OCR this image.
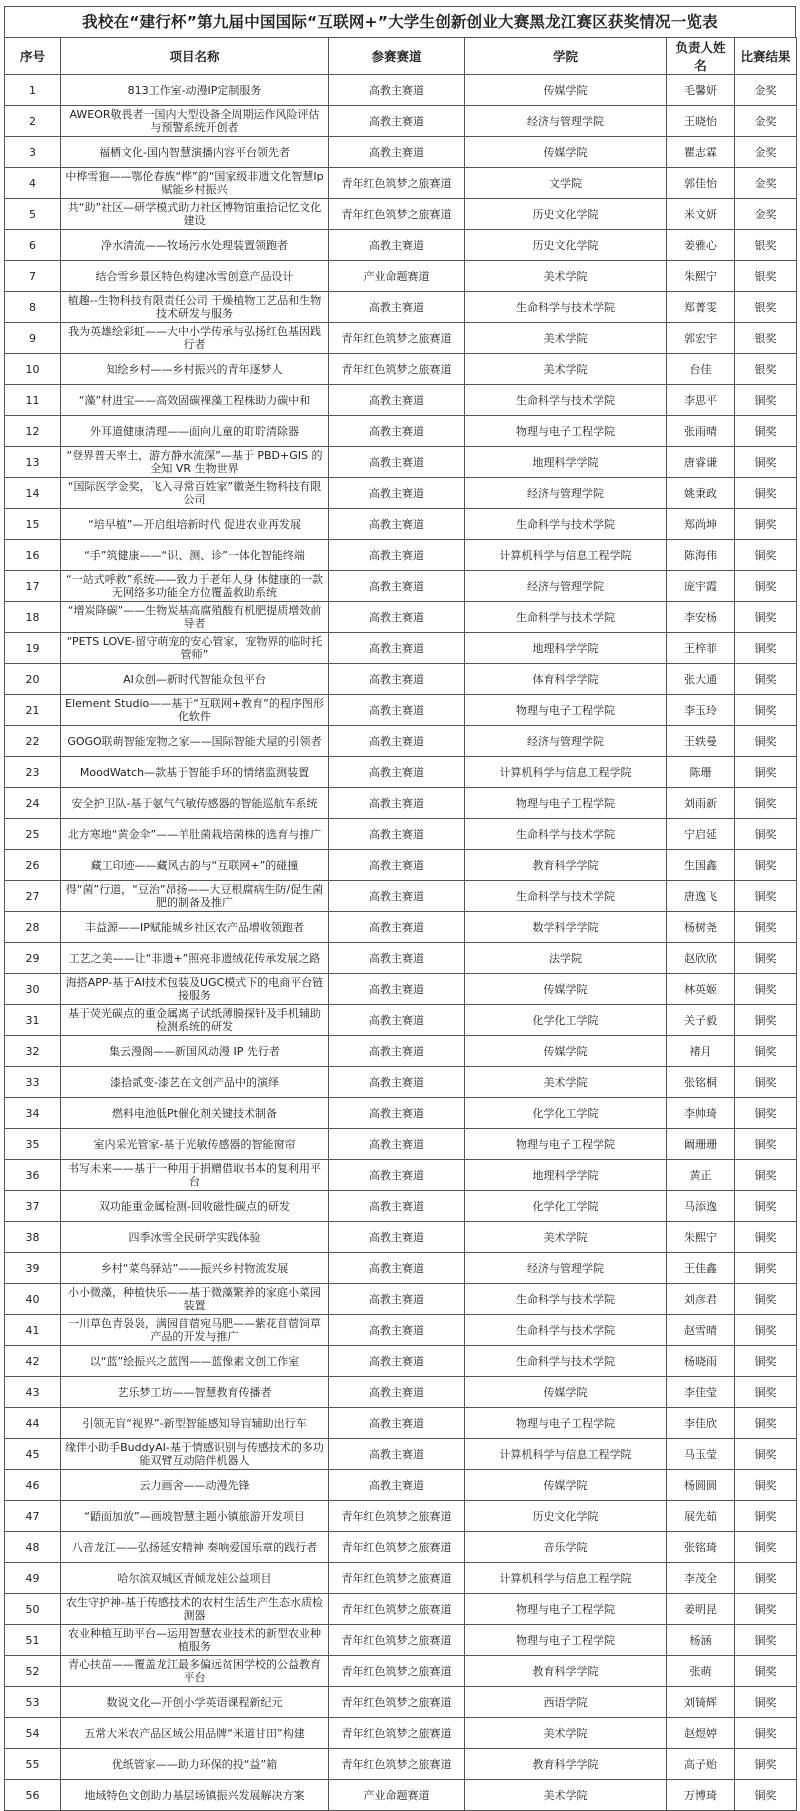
我校在“建行杯”第九届中国国际“互联网+”大学生创新创业大赛黑龙江赛区获奖情况一览表
序号	项目名称	参赛赛道	学院	负责人姓名	比赛结果
1	813工作室-动漫IP定制服务	高教主赛道	传媒学院	毛馨妍	金奖
2	AWEOR敬畏者一国内大型设备全周期运作风险评估与预警系统开创者	高教主赛道	经济与管理学院	王晓怡	金奖
3	福栖文化-国内智慧演播内容平台领先者	高教主赛道	传媒学院	瞿志霖	金奖
4	中桦雪狍——鄂伦春族“桦”韵“国家级非遗文化智慧Ip赋能乡村振兴	青年红色筑梦之旅赛道	文学院	郭佳怡	金奖
5	共“助”社区—研学模式助力社区博物馆重拾记忆文化建设	青年红色筑梦之旅赛道	历史文化学院	米文妍	金奖
6	净水清流——牧场污水处理装置领跑者	高教主赛道	历史文化学院	姜雅心	银奖
7	结合雪乡景区特色构建冰雪创意产品设计	产业命题赛道	美术学院	朱熙宁	银奖
8	植趣--生物科技有限责任公司 干燥植物工艺品和生物技术研发与服务	高教主赛道	生命科学与技术学院	郑菁雯	银奖
9	我为英雄绘彩虹——大中小学传承与弘扬红色基因践行者	青年红色筑梦之旅赛道	美术学院	郭宏宇	银奖
10	知绘乡村——乡村振兴的青年逐梦人	青年红色筑梦之旅赛道	美术学院	台佳	银奖
11	“藻”材进宝——高效固碳裸藻工程株助力碳中和	高教主赛道	生命科学与技术学院	李思平	铜奖
12	外耳道健康清理——面向儿童的耵聍清除器	高教主赛道	物理与电子工程学院	张雨晴	铜奖
13	“登界普天率土，游方静水流深”—基于 PBD+GIS 的全知 VR 生物世界	高教主赛道	地理科学学院	唐睿谦	铜奖
14	“国际医学金奖，飞入寻常百姓家”徽尧生物科技有限公司	高教主赛道	经济与管理学院	姚秉政	铜奖
15	“培早植”—开启组培新时代 促进农业再发展	高教主赛道	生命科学与技术学院	郑尚坤	铜奖
16	“手”筑健康——“识、测、诊”一体化智能终端	高教主赛道	计算机科学与信息工程学院	陈海伟	铜奖
17	“一站式呼救”系统——致力于老年人身 体健康的一款无网络多功能全方位覆盖救助系统	高教主赛道	经济与管理学院	庞宇霞	铜奖
18	“增炭降碳”——生物炭基高腐殖酸有机肥提质增效前导者	高教主赛道	生命科学与技术学院	李安杨	铜奖
19	“PETS LOVE-留守萌宠的安心管家，宠物界的临时托管师”	高教主赛道	地理科学学院	王梓菲	铜奖
20	AI众创—新时代智能众包平台	高教主赛道	体育科学学院	张大通	铜奖
21	Element Studio——基于“互联网+教育”的程序图形化软件	高教主赛道	物理与电子工程学院	李玉玲	铜奖
22	GOGO联萌智能宠物之家——国际智能犬屋的引领者	高教主赛道	经济与管理学院	王轶曼	铜奖
23	MoodWatch—款基于智能手环的情绪监测装置	高教主赛道	计算机科学与信息工程学院	陈珊	铜奖
24	安全护卫队-基于氨气气敏传感器的智能巡航车系统	高教主赛道	物理与电子工程学院	刘雨新	铜奖
25	北方寒地“黄金伞”——羊肚菌栽培菌株的选育与推广	高教主赛道	生命科学与技术学院	宁启延	铜奖
26	藏工印迹——藏风古韵与“互联网+”的碰撞	高教主赛道	教育科学学院	生国鑫	铜奖
27	得“菌”行道，“豆治”昂扬——大豆根腐病生防/促生菌肥的制备及推广	高教主赛道	生命科学与技术学院	唐逸飞	铜奖
28	丰益源——IP赋能城乡社区农产品增收领跑者	高教主赛道	数学科学学院	杨树尧	铜奖
29	工艺之美——让“非遗+”照亮非遗绒花传承发展之路	高教主赛道	法学院	赵欣欣	铜奖
30	海搭APP-基于AI技术包装及UGC模式下的电商平台链接服务	高教主赛道	传媒学院	林英姬	铜奖
31	基于荧光碳点的重金属离子试纸薄膜探针及手机辅助检测系统的研发	高教主赛道	化学化工学院	关子毅	铜奖
32	集云漫阁——新国风动漫 IP 先行者	高教主赛道	传媒学院	褚月	铜奖
33	漆拾贰变-漆艺在文创产品中的演绎	高教主赛道	美术学院	张铭桐	铜奖
34	燃料电池低Pt催化剂关键技术制备	高教主赛道	化学化工学院	李帅琦	铜奖
35	室内采光管家-基于光敏传感器的智能窗帘	高教主赛道	物理与电子工程学院	阚珊珊	铜奖
36	书写未来——基于一种用于捐赠借取书本的复利用平台	高教主赛道	地理科学学院	黄正	铜奖
37	双功能重金属检测-回收磁性碳点的研发	高教主赛道	化学化工学院	马添逸	铜奖
38	四季冰雪全民研学实践体验	高教主赛道	美术学院	朱熙宁	铜奖
39	乡村“菜鸟驿站”——振兴乡村物流发展	高教主赛道	经济与管理学院	王佳鑫	铜奖
40	小小微藻，种植快乐——基于微藻繁养的家庭小菜园装置	高教主赛道	生命科学与技术学院	刘彦君	铜奖
41	一川草色青袅袅，满园苜蓿宛马肥——紫花苜蓿饲草产品的开发与推广	高教主赛道	生命科学与技术学院	赵雪晴	铜奖
42	以“蓝”绘振兴之蓝图——蓝像素文创工作室	高教主赛道	生命科学与技术学院	杨晓雨	铜奖
43	艺乐梦工坊——智慧教育传播者	高教主赛道	传媒学院	李佳莹	铜奖
44	引领无盲“视界”-新型智能感知导盲辅助出行车	高教主赛道	物理与电子工程学院	李佳欣	铜奖
45	缘伴小助手BuddyAI-基于情感识别与传感技术的多功能双臂互动陪伴机器人	高教主赛道	计算机科学与信息工程学院	马玉莹	铜奖
46	云力画舍——动漫先锋	高教主赛道	传媒学院	杨圆圆	铜奖
47	“鼯面加放”—画坡智慧主题小镇旅游开发项目	青年红色筑梦之旅赛道	历史文化学院	展先茹	铜奖
48	八音龙江——弘扬延安精神 奏响爱国乐章的践行者	青年红色筑梦之旅赛道	音乐学院	张铭琦	铜奖
49	哈尔滨双城区青倾龙娃公益项目	青年红色筑梦之旅赛道	计算机科学与信息工程学院	李茂全	铜奖
50	农生守护神-基于传感技术的农村生活生产生态水质检测器	青年红色筑梦之旅赛道	物理与电子工程学院	姜明昆	铜奖
51	农业种植互助平台—运用智慧农业技术的新型农业种植服务	青年红色筑梦之旅赛道	物理与电子工程学院	杨涵	铜奖
52	青心扶苗——覆盖龙江最多偏远贫困学校的公益教育平台	青年红色筑梦之旅赛道	教育科学学院	张萌	铜奖
53	数说文化—开创小学英语课程新纪元	青年红色筑梦之旅赛道	西语学院	刘锜辉	铜奖
54	五常大米农产品区域公用品牌“米道甘田”构建	青年红色筑梦之旅赛道	美术学院	赵煜婷	铜奖
55	优纸管家——助力环保的投“益”箱	青年红色筑梦之旅赛道	教育科学学院	高子贻	铜奖
56	地域特色文创助力基层场镇振兴发展解决方案	产业命题赛道	美术学院	万博琦	铜奖
